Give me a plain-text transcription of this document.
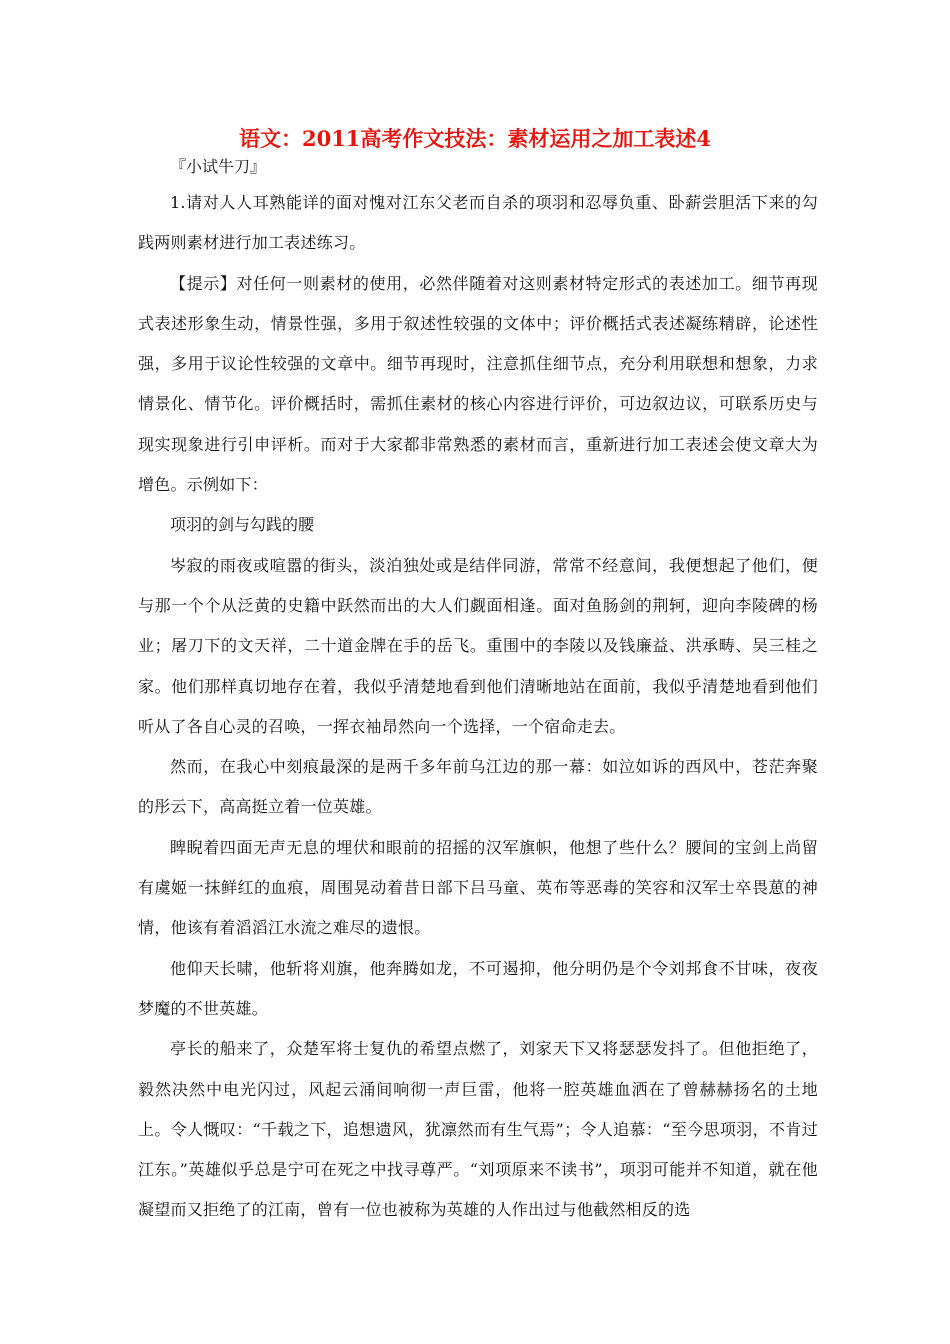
语文：2011高考作文技法：素材运用之加工表述4
『小试牛刀』

1.请对人人耳熟能详的面对愧对江东父老而自杀的项羽和忍辱负重、卧薪尝胆活下来的勾践两则素材进行加工表述练习。

【提示】对任何一则素材的使用，必然伴随着对这则素材特定形式的表述加工。细节再现式表述形象生动，情景性强，多用于叙述性较强的文体中；评价概括式表述凝练精辟，论述性强，多用于议论性较强的文章中。细节再现时，注意抓住细节点，充分利用联想和想象，力求情景化、情节化。评价概括时，需抓住素材的核心内容进行评价，可边叙边议，可联系历史与现实现象进行引申评析。而对于大家都非常熟悉的素材而言，重新进行加工表述会使文章大为增色。示例如下：

项羽的剑与勾践的腰

岑寂的雨夜或喧嚣的街头，淡泊独处或是结伴同游，常常不经意间，我便想起了他们，便与那一个个从泛黄的史籍中跃然而出的大人们觑面相逢。面对鱼肠剑的荆轲，迎向李陵碑的杨业；屠刀下的文天祥，二十道金牌在手的岳飞。重围中的李陵以及钱廉益、洪承畴、吴三桂之家。他们那样真切地存在着，我似乎清楚地看到他们清晰地站在面前，我似乎清楚地看到他们听从了各自心灵的召唤，一挥衣袖昂然向一个选择，一个宿命走去。

然而，在我心中刻痕最深的是两千多年前乌江边的那一幕：如泣如诉的西风中，苍茫奔聚的彤云下，高高挺立着一位英雄。

睥睨着四面无声无息的埋伏和眼前的招摇的汉军旗帜，他想了些什么？腰间的宝剑上尚留有虞姬一抹鲜红的血痕，周围晃动着昔日部下吕马童、英布等恶毒的笑容和汉军士卒畏葸的神情，他该有着滔滔江水流之难尽的遗恨。

他仰天长啸，他斩将刈旗，他奔腾如龙，不可遏抑，他分明仍是个令刘邦食不甘味，夜夜梦魔的不世英雄。

亭长的船来了，众楚军将士复仇的希望点燃了，刘家天下又将瑟瑟发抖了。但他拒绝了，毅然决然中电光闪过，风起云涌间响彻一声巨雷，他将一腔英雄血洒在了曾赫赫扬名的土地上。令人慨叹：“千载之下，追想遗风，犹凛然而有生气焉”；令人追慕：“至今思项羽，不肯过江东。”英雄似乎总是宁可在死之中找寻尊严。“刘项原来不读书”，项羽可能并不知道，就在他凝望而又拒绝了的江南，曾有一位也被称为英雄的人作出过与他截然相反的选
